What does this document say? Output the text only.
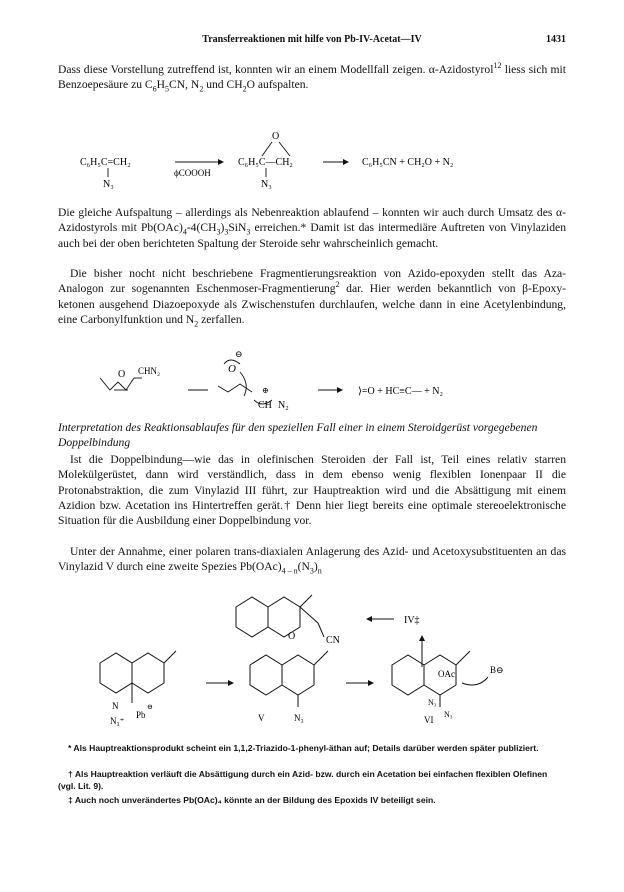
Transferreaktionen mit hilfe von Pb-IV-Acetat—IV	1431

Dass diese Vorstellung zutreffend ist, konnten wir an einem Modellfall zeigen. α-Azidostyrol$^{12}$ liess sich mit Benzoepesäure zu $C_6H_5CN$, $N_2$ und $CH_2O$ aufspalten.

C₆H₅C=CH₂
N₃
ϕCOOOH
O
C₆H₅C—CH₂
N₃
C₆H₅CN + CH₂O + N₂

Die gleiche Aufspaltung – allerdings als Nebenreaktion ablaufend – konnten wir auch durch Umsatz des α-Azidostyrols mit $Pb(OAc)_4-4(CH_3)_3SiN_3$ erreichen.* Damit ist das intermediäre Auftreten von Vinylaziden auch bei der oben berichteten Spaltung der Steroide sehr wahrscheinlich gemacht.

Die bisher nocht nicht beschriebene Fragmentierungsreaktion von Azido-epoxyden stellt das Aza-Analogon zur sogenannten Eschenmoser-Fragmentierung$^2$ dar. Hier werden bekanntlich von β-Epoxy-ketonen ausgehend Diazoepoxyde als Zwischenstufen durchlaufen, welche dann in eine Acetylenbindung, eine Carbonylfunktion und $N_2$ zerfallen.

O CHN₂
⊖
O
⊕
CH N₂
⟩=O + HC≡C— + N₂

Interpretation des Reaktionsablaufes für den speziellen Fall einer in einem Steroidgerüst vorgegebenen Doppelbindung

Ist die Doppelbindung—wie das in olefinischen Steroiden der Fall ist, Teil eines relativ starren Molekülgerüstet, dann wird verständlich, dass in dem ebenso wenig flexiblen Ionenpaar II die Protonabstraktion, die zum Vinylazid III führt, zur Hauptreaktion wird und die Absättigung mit einem Azidion bzw. Acetation ins Hintertreffen gerät.† Denn hier liegt bereits eine optimale stereoelektronische Situation für die Ausbildung einer Doppelbindung vor.

Unter der Annahme, einer polaren trans-diaxialen Anlagerung des Azid- und Acetoxysubstituenten an das Vinylazid V durch eine zweite Spezies $Pb(OAc)_{4 - n}(N_3)_n$

O	CN
IV‡
N
N₃⁺
Pb
⊖
V	N₃
OAc	B⊖
N₃
VI
N₃

* Als Hauptreaktionsprodukt scheint ein 1,1,2-Triazido-1-phenyl-äthan auf; Details darüber werden später publiziert.

† Als Hauptreaktion verläuft die Absättigung durch ein Azid- bzw. durch ein Acetation bei einfachen flexiblen Olefinen (vgl. Lit. 9).

‡ Auch noch unverändertes Pb(OAc)₄ könnte an der Bildung des Epoxids IV beteiligt sein.
